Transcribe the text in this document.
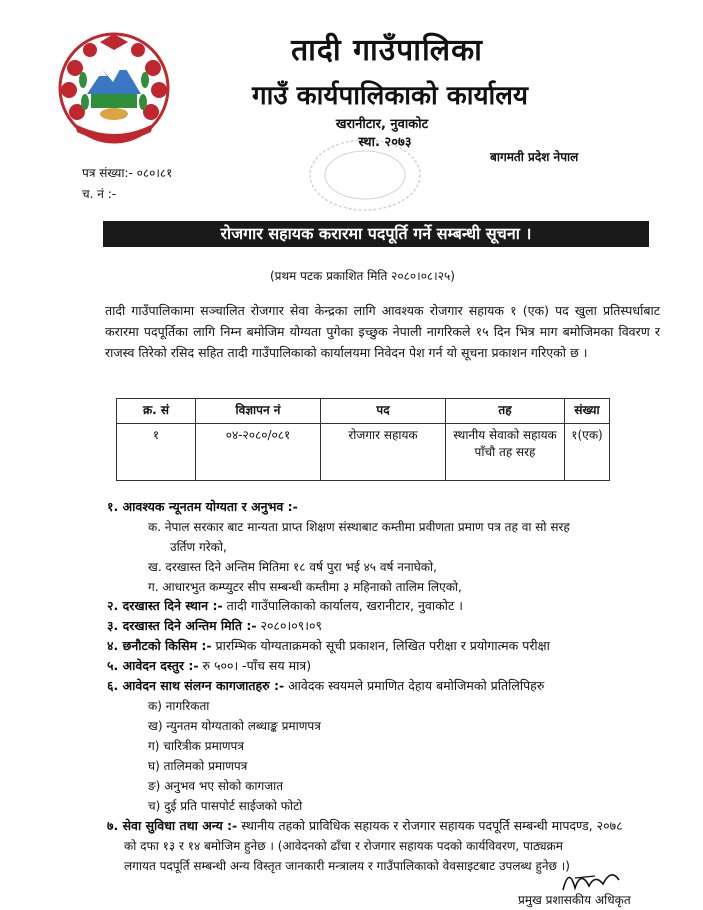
तादी गाउँपालिका
गाउँ कार्यपालिकाको कार्यालय
खरानीटार, नुवाकोट
स्था. २०७३
बागमती प्रदेश नेपाल
पत्र संख्या:- ०८०।८१
च. नं :-
रोजगार सहायक करारमा पदपूर्ति गर्ने सम्बन्धी सूचना ।
(प्रथम पटक प्रकाशित मिति २०८०।०८।२५)
तादी गाउँपालिकामा सञ्चालित रोजगार सेवा केन्द्रका लागि आवश्यक रोजगार सहायक १ (एक) पद खुला प्रतिस्पर्धाबाट करारमा पदपूर्तिका लागि निम्न बमोजिम योग्यता पुगेका इच्छुक नेपाली नागरिकले १५ दिन भित्र माग बमोजिमका विवरण र राजस्व तिरेको रसिद सहित तादी गाउँपालिकाको कार्यालयमा निवेदन पेश गर्न यो सूचना प्रकाशन गरिएको छ ।
क्र. सं	विज्ञापन नं	पद	तह	संख्या
१	०४-२०८०/०८१	रोजगार सहायक	स्थानीय सेवाको सहायक पाँचौ तह सरह	१(एक)
१. आवश्यक न्यूनतम योग्यता र अनुभव :-
क. नेपाल सरकार बाट मान्यता प्राप्त शिक्षण संस्थाबाट कम्तीमा प्रवीणता प्रमाण पत्र तह वा सो सरह
उर्तिण गरेको,
ख. दरखास्त दिने अन्तिम मितिमा १८ वर्ष पुरा भई ४५ वर्ष ननाघेको,
ग. आधारभुत कम्प्युटर सीप सम्बन्धी कम्तीमा ३ महिनाको तालिम लिएको,
२. दरखास्त दिने स्थान :- तादी गाउँपालिकाको कार्यालय, खरानीटार, नुवाकोट ।
३. दरखास्त दिने अन्तिम मिति :- २०८०।०९।०९
४. छनौटको किसिम :- प्रारम्भिक योग्यताक्रमको सूची प्रकाशन, लिखित परीक्षा र प्रयोगात्मक परीक्षा
५. आवेदन दस्तुर :- रु ५००। -पाँच सय मात्र)
६. आवेदन साथ संलग्न कागजातहरु :- आवेदक स्वयमले प्रमाणित देहाय बमोजिमको प्रतिलिपिहरु
क) नागरिकता
ख) न्युनतम योग्यताको लब्धाङ्क प्रमाणपत्र
ग) चारित्रीक प्रमाणपत्र
घ) तालिमको प्रमाणपत्र
ङ) अनुभव भए सोको कागजात
च) दुई प्रति पासपोर्ट साईजको फोटो
७. सेवा सुविधा तथा अन्य :- स्थानीय तहको प्राविधिक सहायक र रोजगार सहायक पदपूर्ति सम्बन्धी मापदण्ड, २०७८
को दफा १३ र १४ बमोजिम हुनेछ । (आवेदनको ढाँचा र रोजगार सहायक पदको कार्यविवरण, पाठ्यक्रम
लगायत पदपूर्ति सम्बन्धी अन्य विस्तृत जानकारी मन्त्रालय र गाउँपालिकाको वेवसाइटबाट उपलब्ध हुनेछ ।)
प्रमुख प्रशासकीय अधिकृत
